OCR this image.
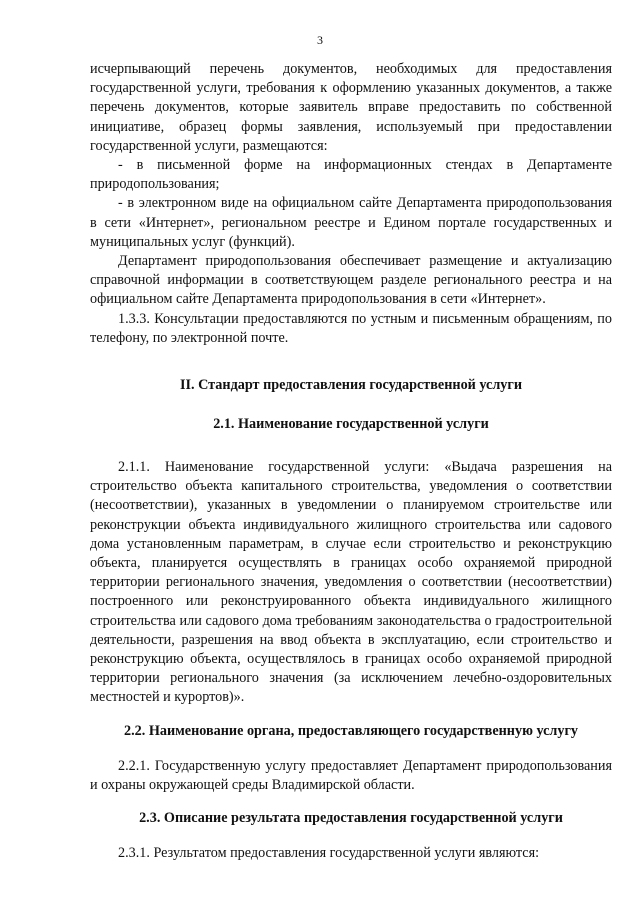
3

исчерпывающий перечень документов, необходимых для предоставления государственной услуги, требования к оформлению указанных документов, а также перечень документов, которые заявитель вправе предоставить по собственной инициативе, образец формы заявления, используемый при предоставлении государственной услуги, размещаются:

- в письменной форме на информационных стендах в Департаменте природопользования;

- в электронном виде на официальном сайте Департамента природопользования в сети «Интернет», региональном реестре и Едином портале государственных и муниципальных услуг (функций).

Департамент природопользования обеспечивает размещение и актуализацию справочной информации в соответствующем разделе регионального реестра и на официальном сайте Департамента природопользования в сети «Интернет».

1.3.3. Консультации предоставляются по устным и письменным обращениям, по телефону, по электронной почте.

II. Стандарт предоставления государственной услуги

2.1. Наименование государственной услуги

2.1.1. Наименование государственной услуги: «Выдача разрешения на строительство объекта капитального строительства, уведомления о соответствии (несоответствии), указанных в уведомлении о планируемом строительстве или реконструкции объекта индивидуального жилищного строительства или садового дома установленным параметрам, в случае если строительство и реконструкцию объекта, планируется осуществлять в границах особо охраняемой природной территории регионального значения, уведомления о соответствии (несоответствии) построенного или реконструированного объекта индивидуального жилищного строительства или садового дома требованиям законодательства о градостроительной деятельности, разрешения на ввод объекта в эксплуатацию, если строительство и реконструкцию объекта, осуществлялось в границах особо охраняемой природной территории регионального значения (за исключением лечебно-оздоровительных местностей и курортов)».

2.2. Наименование органа, предоставляющего государственную услугу

2.2.1. Государственную услугу предоставляет Департамент природопользования и охраны окружающей среды Владимирской области.

2.3. Описание результата предоставления государственной услуги

2.3.1. Результатом предоставления государственной услуги являются:
